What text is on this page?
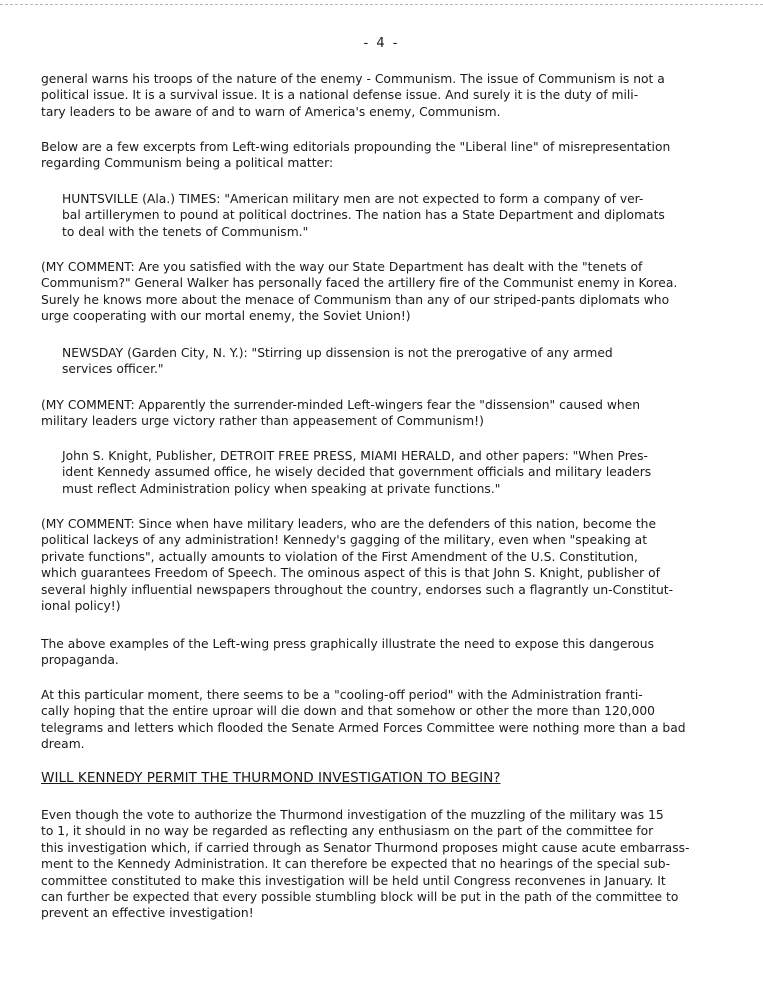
- 4 -

general warns his troops of the nature of the enemy - Communism. The issue of Communism is not a
political issue. It is a survival issue. It is a national defense issue. And surely it is the duty of mili-
tary leaders to be aware of and to warn of America's enemy, Communism.

Below are a few excerpts from Left-wing editorials propounding the "Liberal line" of misrepresentation
regarding Communism being a political matter:

HUNTSVILLE (Ala.) TIMES: "American military men are not expected to form a company of ver-
bal artillerymen to pound at political doctrines. The nation has a State Department and diplomats
to deal with the tenets of Communism."

(MY COMMENT: Are you satisfied with the way our State Department has dealt with the "tenets of
Communism?" General Walker has personally faced the artillery fire of the Communist enemy in Korea.
Surely he knows more about the menace of Communism than any of our striped-pants diplomats who
urge cooperating with our mortal enemy, the Soviet Union!)

NEWSDAY (Garden City, N. Y.): "Stirring up dissension is not the prerogative of any armed
services officer."

(MY COMMENT: Apparently the surrender-minded Left-wingers fear the "dissension" caused when
military leaders urge victory rather than appeasement of Communism!)

John S. Knight, Publisher, DETROIT FREE PRESS, MIAMI HERALD, and other papers: "When Pres-
ident Kennedy assumed office, he wisely decided that government officials and military leaders
must reflect Administration policy when speaking at private functions."

(MY COMMENT: Since when have military leaders, who are the defenders of this nation, become the
political lackeys of any administration! Kennedy's gagging of the military, even when "speaking at
private functions", actually amounts to violation of the First Amendment of the U.S. Constitution,
which guarantees Freedom of Speech. The ominous aspect of this is that John S. Knight, publisher of
several highly influential newspapers throughout the country, endorses such a flagrantly un-Constitut-
ional policy!)

The above examples of the Left-wing press graphically illustrate the need to expose this dangerous
propaganda.

At this particular moment, there seems to be a "cooling-off period" with the Administration franti-
cally hoping that the entire uproar will die down and that somehow or other the more than 120,000
telegrams and letters which flooded the Senate Armed Forces Committee were nothing more than a bad
dream.

WILL KENNEDY PERMIT THE THURMOND INVESTIGATION TO BEGIN?

Even though the vote to authorize the Thurmond investigation of the muzzling of the military was 15
to 1, it should in no way be regarded as reflecting any enthusiasm on the part of the committee for
this investigation which, if carried through as Senator Thurmond proposes might cause acute embarrass-
ment to the Kennedy Administration. It can therefore be expected that no hearings of the special sub-
committee constituted to make this investigation will be held until Congress reconvenes in January. It
can further be expected that every possible stumbling block will be put in the path of the committee to
prevent an effective investigation!
